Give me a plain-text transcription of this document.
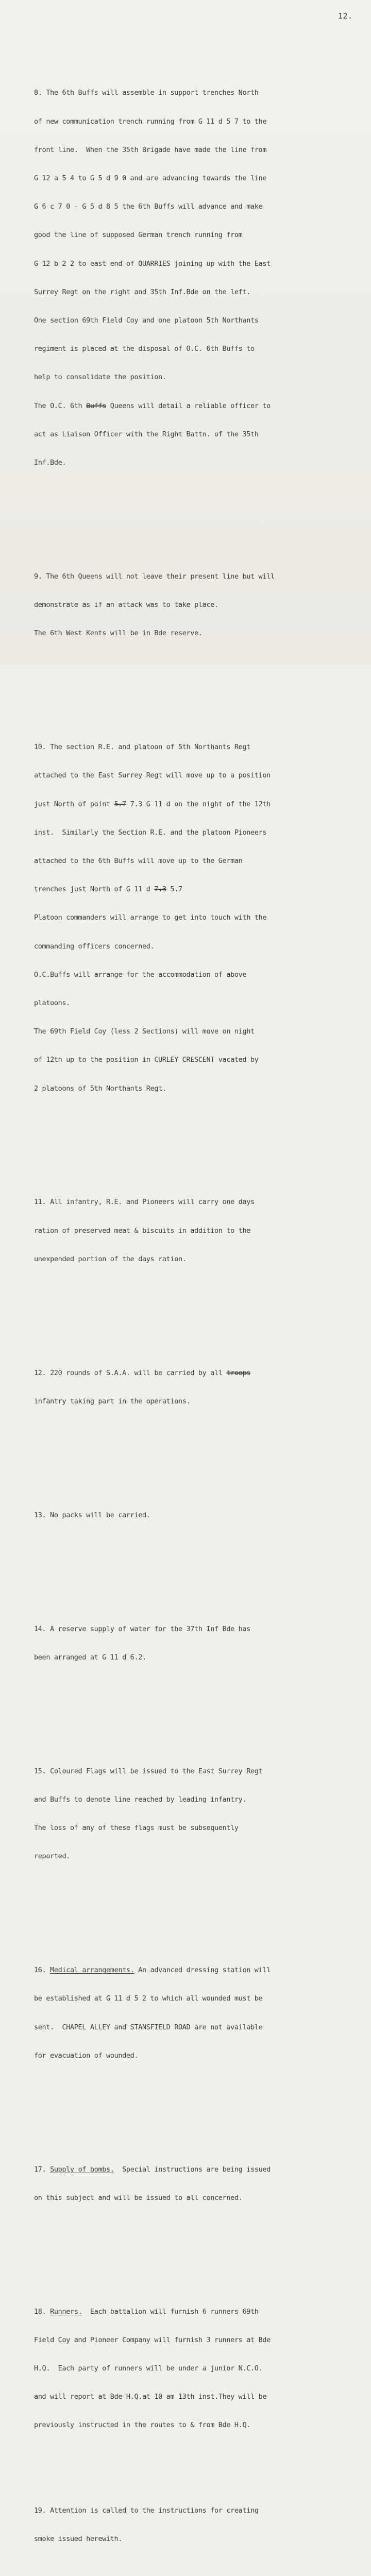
12.

8. The 6th Buffs will assemble in support trenches North

of new communication trench running from G 11 d 5 7 to the

front line.  When the 35th Brigade have made the line from

G 12 a 5 4 to G 5 d 9 0 and are advancing towards the line

G 6 c 7 0 - G 5 d 8 5 the 6th Buffs will advance and make

good the line of supposed German trench running from

G 12 b 2 2 to east end of QUARRIES joining up with the East

Surrey Regt on the right and 35th Inf.Bde on the left.

One section 69th Field Coy and one platoon 5th Northants

regiment is placed at the disposal of O.C. 6th Buffs to

help to consolidate the position.

The O.C. 6th Buffs Queens will detail a reliable officer to

act as Liaison Officer with the Right Battn. of the 35th

Inf.Bde.

9. The 6th Queens will not leave their present line but will

demonstrate as if an attack was to take place.

The 6th West Kents will be in Bde reserve.

10. The section R.E. and platoon of 5th Northants Regt

attached to the East Surrey Regt will move up to a position

just North of point 5.7 7.3 G 11 d on the night of the 12th

inst.  Similarly the Section R.E. and the platoon Pioneers

attached to the 6th Buffs will move up to the German

trenches just North of G 11 d 7.3 5.7

Platoon commanders will arrange to get into touch with the

commanding officers concerned.

O.C.Buffs will arrange for the accommodation of above

platoons.

The 69th Field Coy (less 2 Sections) will move on night

of 12th up to the position in CURLEY CRESCENT vacated by

2 platoons of 5th Northants Regt.

11. All infantry, R.E. and Pioneers will carry one days

ration of preserved meat & biscuits in addition to the

unexpended portion of the days ration.

12. 220 rounds of S.A.A. will be carried by all troops

infantry taking part in the operations.

13. No packs will be carried.

14. A reserve supply of water for the 37th Inf Bde has

been arranged at G 11 d 6.2.

15. Coloured Flags will be issued to the East Surrey Regt

and Buffs to denote line reached by leading infantry.

The loss of any of these flags must be subsequently

reported.

16. Medical arrangements. An advanced dressing station will

be established at G 11 d 5 2 to which all wounded must be

sent.  CHAPEL ALLEY and STANSFIELD ROAD are not available

for evacuation of wounded.

17. Supply of bombs.  Special instructions are being issued

on this subject and will be issued to all concerned.

18. Runners.  Each battalion will furnish 6 runners 69th

Field Coy and Pioneer Company will furnish 3 runners at Bde

H.Q.  Each party of runners will be under a junior N.C.O.

and will report at Bde H.Q.at 10 am 13th inst.They will be

previously instructed in the routes to & from Bde H.Q.

19. Attention is called to the instructions for creating

smoke issued herewith.
